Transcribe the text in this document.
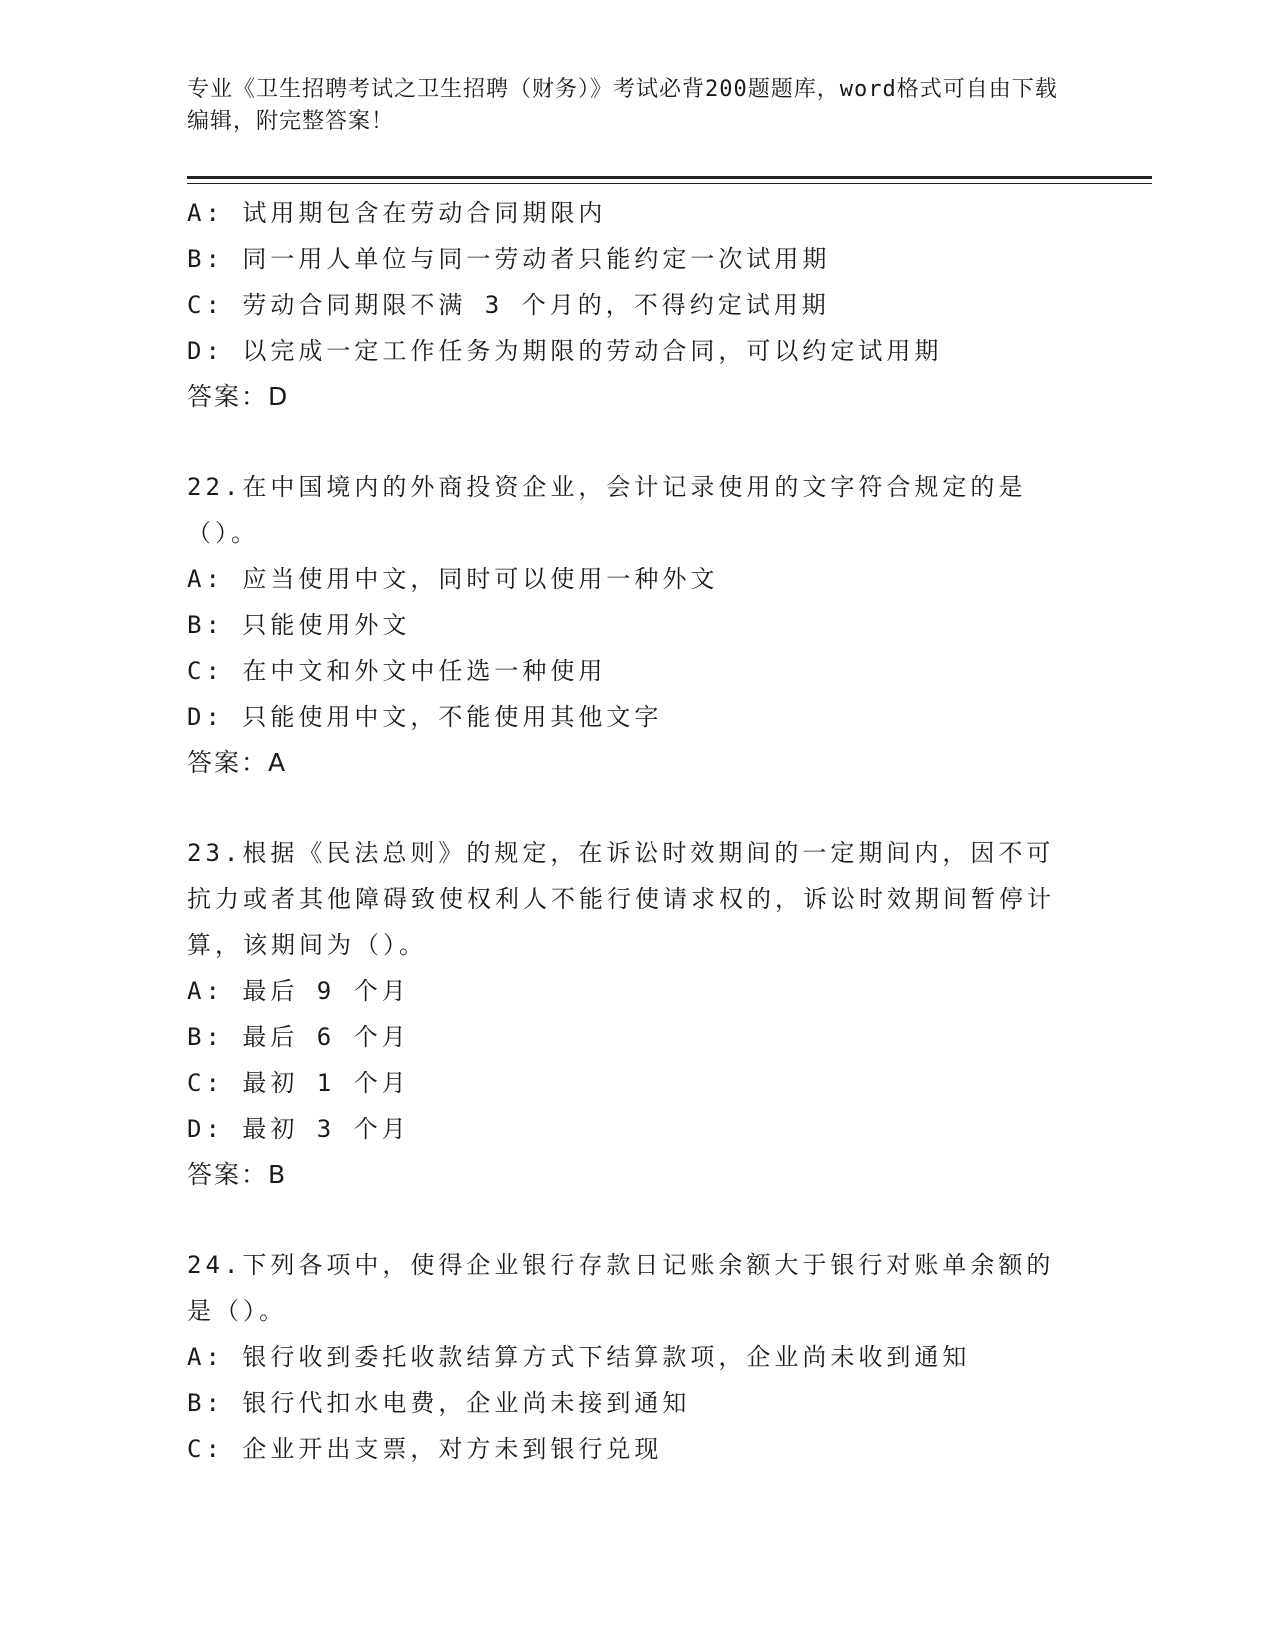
专业《卫生招聘考试之卫生招聘（财务）》考试必背200题题库，word格式可自由下载编辑，附完整答案！
A: 试用期包含在劳动合同期限内
B: 同一用人单位与同一劳动者只能约定一次试用期
C: 劳动合同期限不满 3 个月的，不得约定试用期
D: 以完成一定工作任务为期限的劳动合同，可以约定试用期
答案：D
22.在中国境内的外商投资企业，会计记录使用的文字符合规定的是（）。
A: 应当使用中文，同时可以使用一种外文
B: 只能使用外文
C: 在中文和外文中任选一种使用
D: 只能使用中文，不能使用其他文字
答案：A
23.根据《民法总则》的规定，在诉讼时效期间的一定期间内，因不可抗力或者其他障碍致使权利人不能行使请求权的，诉讼时效期间暂停计算，该期间为（）。
A: 最后 9 个月
B: 最后 6 个月
C: 最初 1 个月
D: 最初 3 个月
答案：B
24.下列各项中，使得企业银行存款日记账余额大于银行对账单余额的是（）。
A: 银行收到委托收款结算方式下结算款项，企业尚未收到通知
B: 银行代扣水电费，企业尚未接到通知
C: 企业开出支票，对方未到银行兑现
